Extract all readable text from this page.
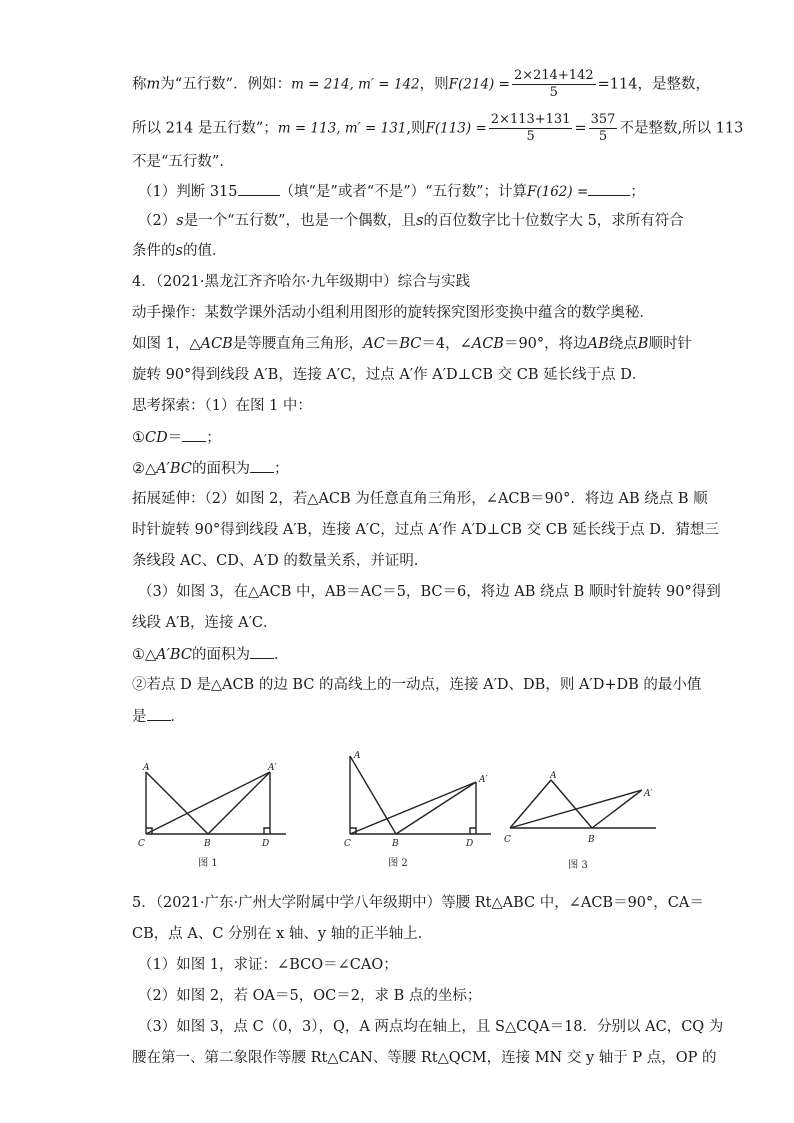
称m为“五行数”．例如：m = 214, m′ = 142，则$F(214) = \frac{2\times 214+142}{5} =114$，是整数，
所以 214 是五行数”；m = 113, m′ = 131,则$F(113) = \frac{2\times 113+131}{5} = \frac{357}{5}$ 不是整数,所以 113
不是“五行数”．
（1）判断 315	（填“是”或者“不是”）“五行数”；计算F(162) =	；
（2）s是一个“五行数”，也是一个偶数，且s的百位数字比十位数字大 5，求所有符合
条件的s的值．
4．（2021·黑龙江齐齐哈尔·九年级期中）综合与实践
动手操作：某数学课外活动小组利用图形的旋转探究图形变换中蕴含的数学奥秘．
如图 1，△ACB是等腰直角三角形，AC＝BC＝4，∠ACB＝90°，将边AB绕点B顺时针
旋转 90°得到线段 A′B，连接 A′C，过点 A′作 A′D⊥CB 交 CB 延长线于点 D．
思考探索：（1）在图 1 中：
①CD＝ ；
②△A′BC的面积为 ；
拓展延伸：（2）如图 2，若△ACB 为任意直角三角形，∠ACB＝90°．将边 AB 绕点 B 顺
时针旋转 90°得到线段 A′B，连接 A′C，过点 A′作 A′D⊥CB 交 CB 延长线于点 D．猜想三
条线段 AC、CD、A′D 的数量关系，并证明．
（3）如图 3，在△ACB 中，AB＝AC＝5，BC＝6，将边 AB 绕点 B 顺时针旋转 90°得到
线段 A′B，连接 A′C．
①△A′BC的面积为 ．
②若点 D 是△ACB 的边 BC 的高线上的一动点，连接 A′D、DB，则 A′D+DB 的最小值
是 ．
A	A′
B
C	D
图 1
A
A′
B
C	D
图 2
A
A′
B
C
图 3
5．（2021·广东·广州大学附属中学八年级期中）等腰 Rt△ABC 中，∠ACB＝90°，CA＝
CB，点 A、C 分别在 x 轴、y 轴的正半轴上．
（1）如图 1，求证：∠BCO＝∠CAO；
（2）如图 2，若 OA＝5，OC＝2，求 B 点的坐标；
（3）如图 3，点 C（0，3），Q，A 两点均在轴上，且 S△CQA＝18．分别以 AC，CQ 为
腰在第一、第二象限作等腰 Rt△CAN、等腰 Rt△QCM，连接 MN 交 y 轴于 P 点，OP 的
